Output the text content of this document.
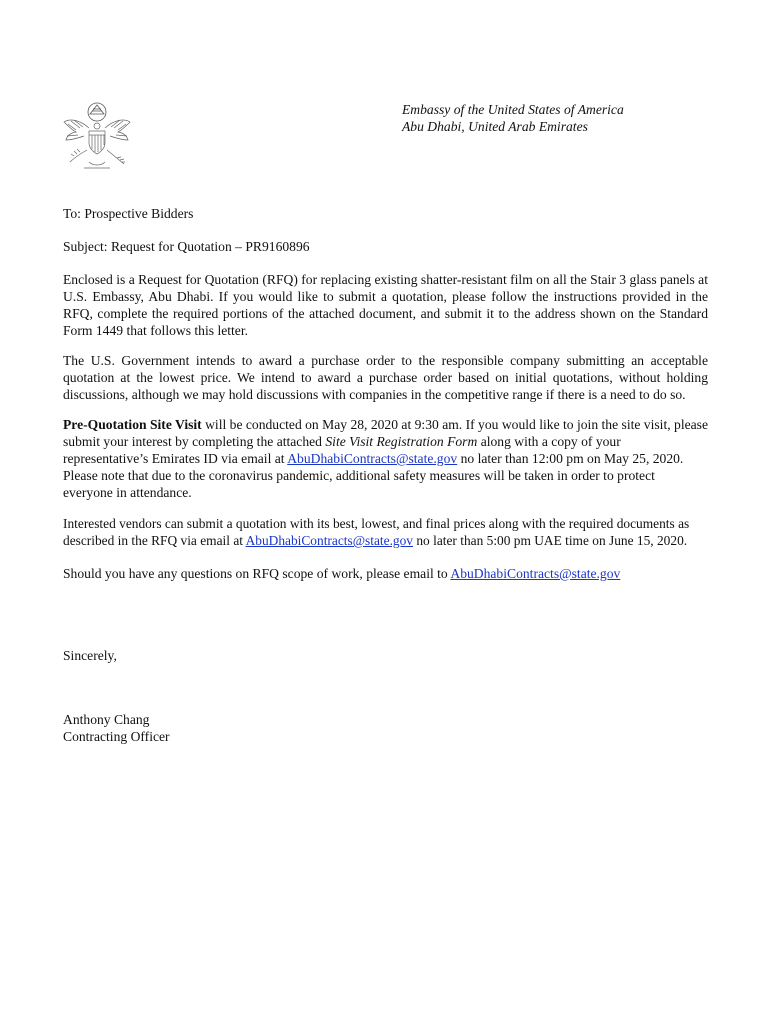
Embassy of the United States of America
Abu Dhabi, United Arab Emirates

To: Prospective Bidders

Subject: Request for Quotation – PR9160896

Enclosed is a Request for Quotation (RFQ) for replacing existing shatter-resistant film on all the Stair 3 glass panels at U.S. Embassy, Abu Dhabi. If you would like to submit a quotation, please follow the instructions provided in the RFQ, complete the required portions of the attached document, and submit it to the address shown on the Standard Form 1449 that follows this letter.

The U.S. Government intends to award a purchase order to the responsible company submitting an acceptable quotation at the lowest price. We intend to award a purchase order based on initial quotations, without holding discussions, although we may hold discussions with companies in the competitive range if there is a need to do so.

Pre-Quotation Site Visit will be conducted on May 28, 2020 at 9:30 am. If you would like to join the site visit, please submit your interest by completing the attached Site Visit Registration Form along with a copy of your representative’s Emirates ID via email at AbuDhabiContracts@state.gov no later than 12:00 pm on May 25, 2020. Please note that due to the coronavirus pandemic, additional safety measures will be taken in order to protect everyone in attendance.

Interested vendors can submit a quotation with its best, lowest, and final prices along with the required documents as described in the RFQ via email at AbuDhabiContracts@state.gov no later than 5:00 pm UAE time on June 15, 2020.

Should you have any questions on RFQ scope of work, please email to AbuDhabiContracts@state.gov

Sincerely,

Anthony Chang

Contracting Officer
